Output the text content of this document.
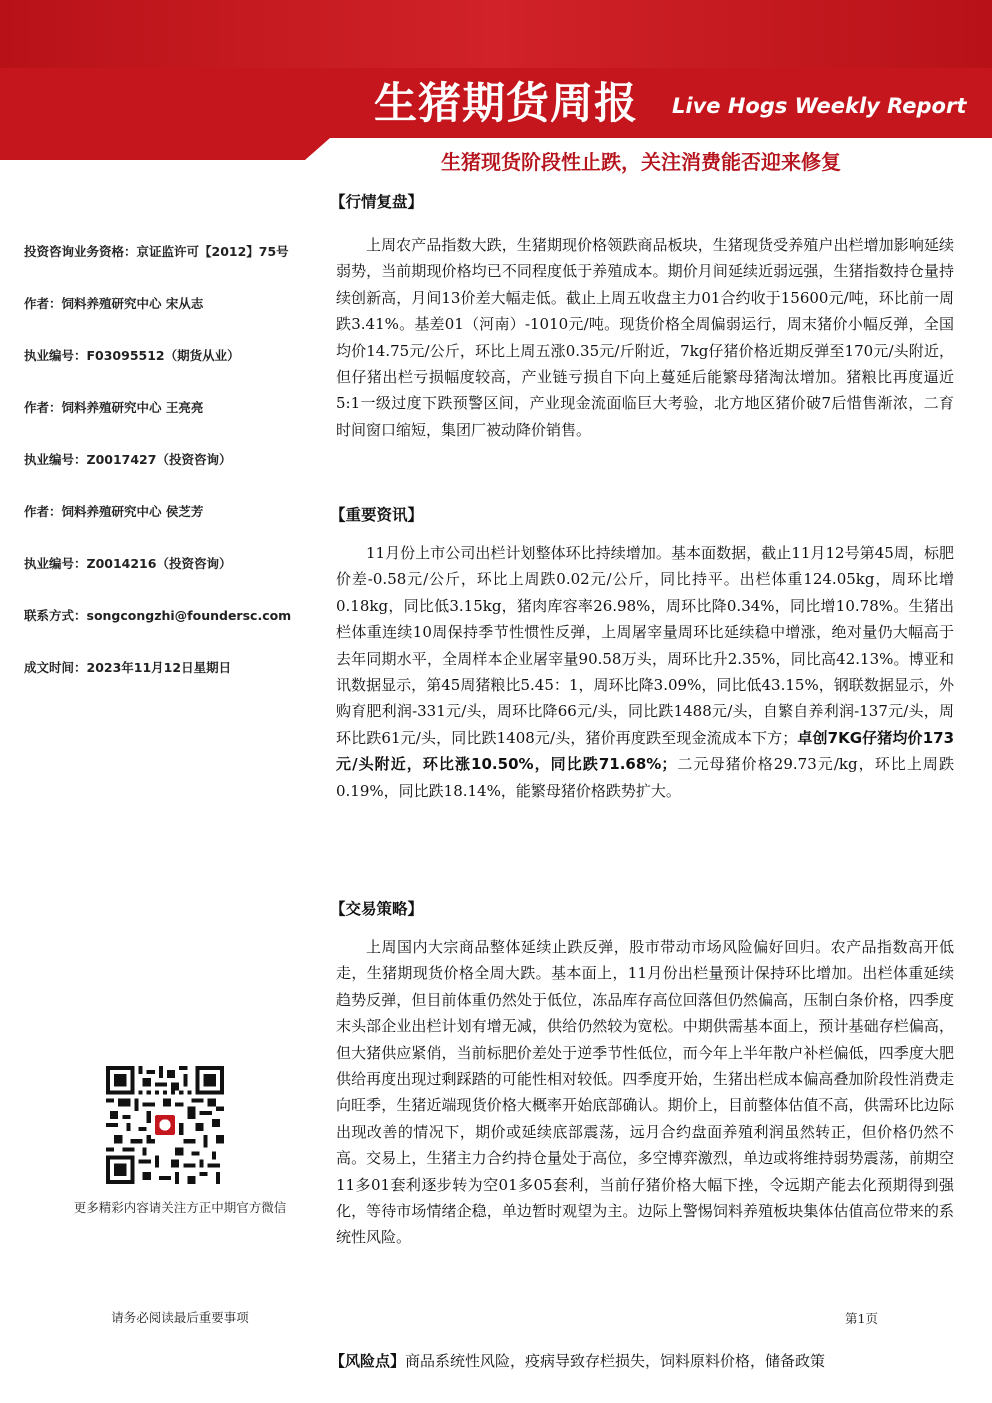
生猪期货周报	Live Hogs Weekly Report
生猪现货阶段性止跌，关注消费能否迎来修复
投资咨询业务资格：京证监许可【2012】75号
作者：饲料养殖研究中心 宋从志
执业编号：F03095512（期货从业）
作者：饲料养殖研究中心 王亮亮
执业编号：Z0017427（投资咨询）
作者：饲料养殖研究中心 侯芝芳
执业编号：Z0014216（投资咨询）
联系方式：songcongzhi@foundersc.com
成文时间：2023年11月12日星期日
更多精彩内容请关注方正中期官方微信
请务必阅读最后重要事项
【行情复盘】

上周农产品指数大跌，生猪期现价格领跌商品板块，生猪现货受养殖户出栏增加影响延续弱势，当前期现价格均已不同程度低于养殖成本。期价月间延续近弱远强，生猪指数持仓量持续创新高，月间13价差大幅走低。截止上周五收盘主力01合约收于15600元/吨，环比前一周跌3.41%。基差01（河南）-1010元/吨。现货价格全周偏弱运行，周末猪价小幅反弹，全国均价14.75元/公斤，环比上周五涨0.35元/斤附近，7kg仔猪价格近期反弹至170元/头附近，但仔猪出栏亏损幅度较高，产业链亏损自下向上蔓延后能繁母猪淘汰增加。猪粮比再度逼近5:1一级过度下跌预警区间，产业现金流面临巨大考验，北方地区猪价破7后惜售渐浓，二育时间窗口缩短，集团厂被动降价销售。

【重要资讯】

11月份上市公司出栏计划整体环比持续增加。基本面数据，截止11月12号第45周，标肥价差-0.58元/公斤，环比上周跌0.02元/公斤，同比持平。出栏体重124.05kg，周环比增0.18kg，同比低3.15kg，猪肉库容率26.98%，周环比降0.34%，同比增10.78%。生猪出栏体重连续10周保持季节性惯性反弹，上周屠宰量周环比延续稳中增涨，绝对量仍大幅高于去年同期水平，全周样本企业屠宰量90.58万头，周环比升2.35%，同比高42.13%。博亚和讯数据显示，第45周猪粮比5.45：1，周环比降3.09%，同比低43.15%，钢联数据显示，外购育肥利润-331元/头，周环比降66元/头，同比跌1488元/头，自繁自养利润-137元/头，周环比跌61元/头，同比跌1408元/头，猪价再度跌至现金流成本下方；卓创7KG仔猪均价173元/头附近，环比涨10.50%，同比跌71.68%；二元母猪价格29.73元/kg，环比上周跌0.19%，同比跌18.14%，能繁母猪价格跌势扩大。

【交易策略】

上周国内大宗商品整体延续止跌反弹，股市带动市场风险偏好回归。农产品指数高开低走，生猪期现货价格全周大跌。基本面上，11月份出栏量预计保持环比增加。出栏体重延续趋势反弹，但目前体重仍然处于低位，冻品库存高位回落但仍然偏高，压制白条价格，四季度末头部企业出栏计划有增无减，供给仍然较为宽松。中期供需基本面上，预计基础存栏偏高，但大猪供应紧俏，当前标肥价差处于逆季节性低位，而今年上半年散户补栏偏低，四季度大肥供给再度出现过剩踩踏的可能性相对较低。四季度开始，生猪出栏成本偏高叠加阶段性消费走向旺季，生猪近端现货价格大概率开始底部确认。期价上，目前整体估值不高，供需环比边际出现改善的情况下，期价或延续底部震荡，远月合约盘面养殖利润虽然转正，但价格仍然不高。交易上，生猪主力合约持仓量处于高位，多空博弈激烈，单边或将维持弱势震荡，前期空11多01套利逐步转为空01多05套利，当前仔猪价格大幅下挫，令远期产能去化预期得到强化，等待市场情绪企稳，单边暂时观望为主。边际上警惕饲料养殖板块集体估值高位带来的系统性风险。

第1页
【风险点】商品系统性风险，疫病导致存栏损失，饲料原料价格，储备政策
